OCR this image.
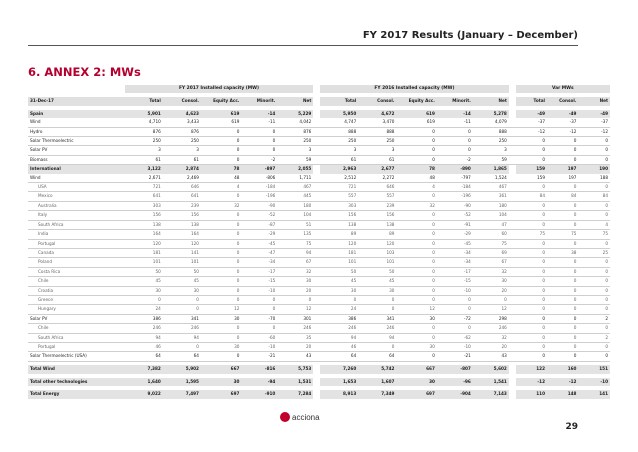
FY 2017 Results (January – December)
6. ANNEX 2: MWs
	FY 2017 Installed capacity (MW)						FY 2016 Installed capacity (MW)						Var MWs		

31-Dec-17	Total	Consol.	Equity Acc.	Minorit.	Net		Total	Consol.	Equity Acc.	Minorit.	Net		Total	Consol.	Net

Spain	5,901	4,623	619	-14	5,229		5,950	4,672	619	-14	5,278		-49	-49	-49
Wind	4,710	3,433	619	-11	4,042		4,747	3,470	619	-11	4,079		-37	-37	-37
Hydro	876	876	0	0	876		888	888	0	0	888		-12	-12	-12
Solar Thermoelectric	250	250	0	0	250		250	250	0	0	250		0	0	0
Solar PV	3	3	0	0	3		3	3	0	0	3		0	0	0
Biomass	61	61	0	-2	59		61	61	0	-2	59		0	0	0
International	3,122	2,874	78	-897	2,055		2,963	2,677	78	-890	1,865		159	197	190
Wind	2,671	2,469	48	-806	1,711		2,512	2,272	48	-797	1,524		159	197	188
USA	721	646	4	-184	467		721	646	4	-184	467		0	0	0
Mexico	641	641	0	-196	445		557	557	0	-196	361		84	84	84
Australia	303	239	32	-90	180		303	239	32	-90	180		0	0	0
Italy	156	156	0	-52	104		156	156	0	-52	104		0	0	0
South Africa	138	138	0	-87	51		138	138	0	-91	47		0	0	4
India	164	164	0	-29	135		89	89	0	-29	60		75	75	75
Portugal	120	120	0	-45	75		120	120	0	-45	75		0	0	0
Canada	181	141	0	-47	94		181	103	0	-34	69		0	38	25
Poland	101	101	0	-34	67		101	101	0	-34	67		0	0	0
Costa Rica	50	50	0	-17	32		50	50	0	-17	32		0	0	0
Chile	45	45	0	-15	30		45	45	0	-15	30		0	0	0
Croatia	30	30	0	-10	20		30	30	0	-10	20		0	0	0
Greece	0	0	0	0	0		0	0	0	0	0		0	0	0
Hungary	24	0	12	0	12		24	0	12	0	12		0	0	0
Solar PV	386	341	30	-70	301		386	341	30	-72	298		0	0	2
Chile	246	246	0	0	246		246	246	0	0	246		0	0	0
South Africa	94	94	0	-60	35		94	94	0	-62	32		0	0	2
Portugal	46	0	30	-10	20		46	0	30	-10	20		0	0	0
Solar Thermoelectric (USA)	64	64	0	-21	43		64	64	0	-21	43		0	0	0

Total Wind	7,382	5,902	667	-816	5,753		7,260	5,742	667	-807	5,602		122	160	151

Total other technologies	1,640	1,595	30	-94	1,531		1,653	1,607	30	-96	1,541		-12	-12	-10

Total Energy	9,022	7,497	697	-910	7,284		8,913	7,349	697	-904	7,143		110	148	141
acciona
29
